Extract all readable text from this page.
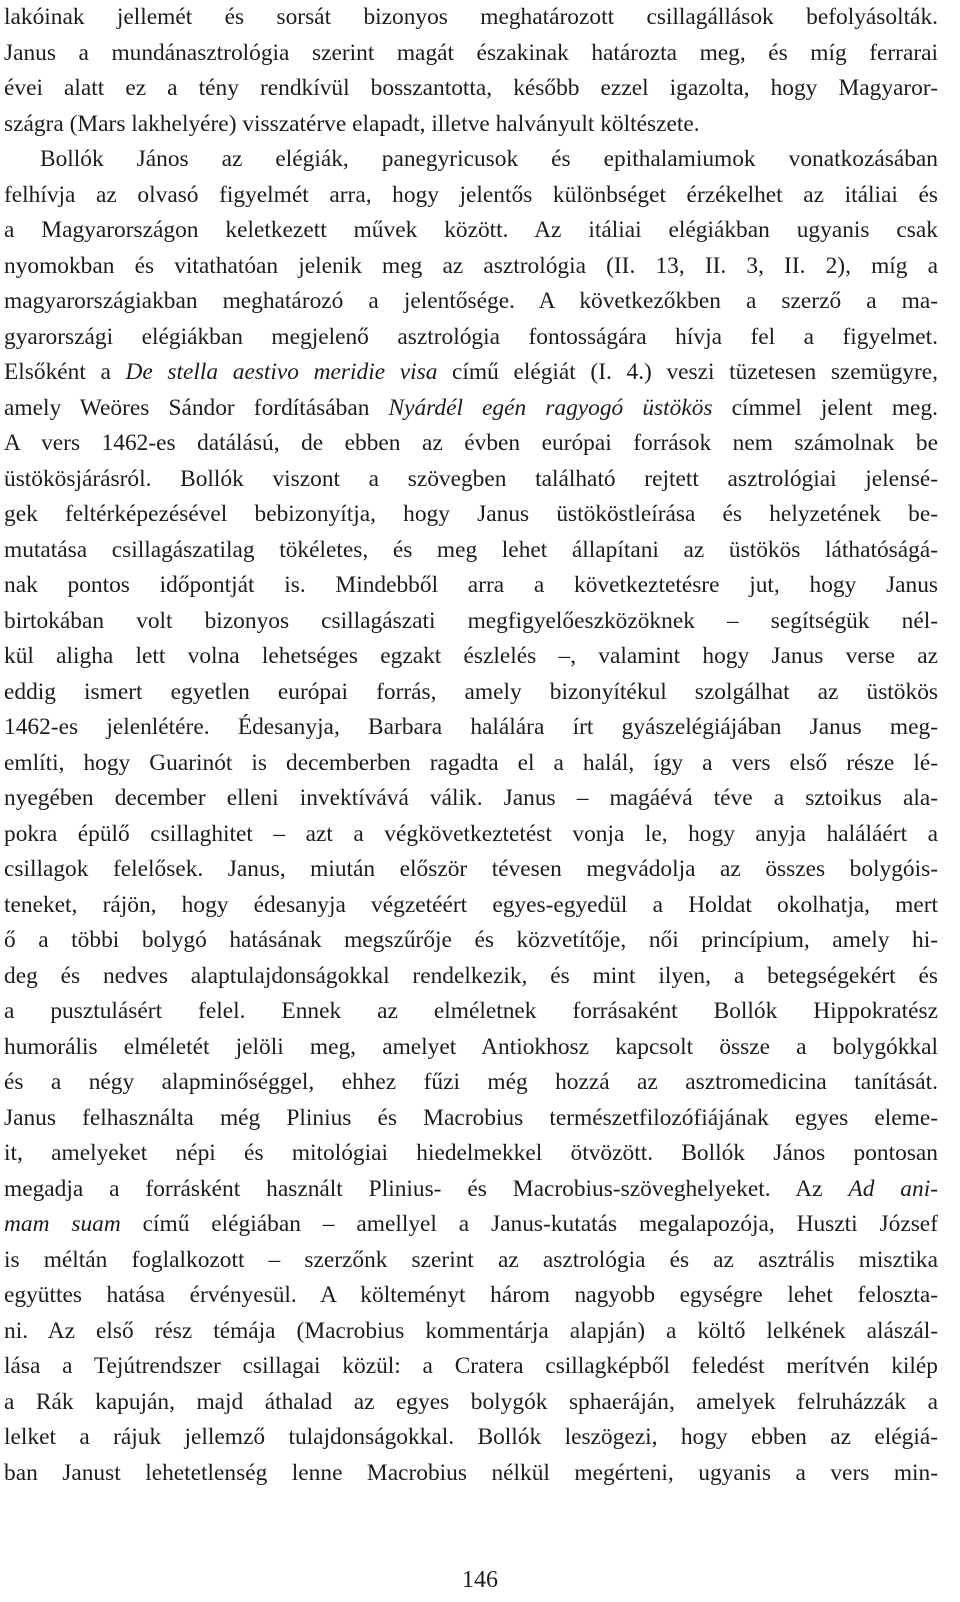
lakóinak jellemét és sorsát bizonyos meghatározott csillagállások befolyásolták.
Janus a mundánasztrológia szerint magát északinak határozta meg, és míg ferrarai
évei alatt ez a tény rendkívül bosszantotta, később ezzel igazolta, hogy Magyaror-
szágra (Mars lakhelyére) visszatérve elapadt, illetve halványult költészete.
Bollók János az elégiák, panegyricusok és epithalamiumok vonatkozásában
felhívja az olvasó figyelmét arra, hogy jelentős különbséget érzékelhet az itáliai és
a Magyarországon keletkezett művek között. Az itáliai elégiákban ugyanis csak
nyomokban és vitathatóan jelenik meg az asztrológia (II. 13, II. 3, II. 2), míg a
magyarországiakban meghatározó a jelentősége. A következőkben a szerző a ma-
gyarországi elégiákban megjelenő asztrológia fontosságára hívja fel a figyelmet.
Elsőként a De stella aestivo meridie visa című elégiát (I. 4.) veszi tüzetesen szemügyre,
amely Weöres Sándor fordításában Nyárdél egén ragyogó üstökös címmel jelent meg.
A vers 1462-es datálású, de ebben az évben európai források nem számolnak be
üstökösjárásról. Bollók viszont a szövegben található rejtett asztrológiai jelensé-
gek feltérképezésével bebizonyítja, hogy Janus üstököstleírása és helyzetének be-
mutatása csillagászatilag tökéletes, és meg lehet állapítani az üstökös láthatóságá-
nak pontos időpontját is. Mindebből arra a következtetésre jut, hogy Janus
birtokában volt bizonyos csillagászati megfigyelőeszközöknek – segítségük nél-
kül aligha lett volna lehetséges egzakt észlelés –, valamint hogy Janus verse az
eddig ismert egyetlen európai forrás, amely bizonyítékul szolgálhat az üstökös
1462-es jelenlétére. Édesanyja, Barbara halálára írt gyászelégiájában Janus meg-
említi, hogy Guarinót is decemberben ragadta el a halál, így a vers első része lé-
nyegében december elleni invektívává válik. Janus – magáévá téve a sztoikus ala-
pokra épülő csillaghitet – azt a végkövetkeztetést vonja le, hogy anyja haláláért a
csillagok felelősek. Janus, miután először tévesen megvádolja az összes bolygóis-
teneket, rájön, hogy édesanyja végzetéért egyes-egyedül a Holdat okolhatja, mert
ő a többi bolygó hatásának megszűrője és közvetítője, női princípium, amely hi-
deg és nedves alaptulajdonságokkal rendelkezik, és mint ilyen, a betegségekért és
a pusztulásért felel. Ennek az elméletnek forrásaként Bollók Hippokratész
humorális elméletét jelöli meg, amelyet Antiokhosz kapcsolt össze a bolygókkal
és a négy alapminőséggel, ehhez fűzi még hozzá az asztromedicina tanítását.
Janus felhasználta még Plinius és Macrobius természetfilozófiájának egyes eleme-
it, amelyeket népi és mitológiai hiedelmekkel ötvözött. Bollók János pontosan
megadja a forrásként használt Plinius- és Macrobius-szöveghelyeket. Az Ad ani-
mam suam című elégiában – amellyel a Janus-kutatás megalapozója, Huszti József
is méltán foglalkozott – szerzőnk szerint az asztrológia és az asztrális misztika
együttes hatása érvényesül. A költeményt három nagyobb egységre lehet feloszta-
ni. Az első rész témája (Macrobius kommentárja alapján) a költő lelkének alászál-
lása a Tejútrendszer csillagai közül: a Cratera csillagképből feledést merítvén kilép
a Rák kapuján, majd áthalad az egyes bolygók sphaeráján, amelyek felruházzák a
lelket a rájuk jellemző tulajdonságokkal. Bollók leszögezi, hogy ebben az elégiá-
ban Janust lehetetlenség lenne Macrobius nélkül megérteni, ugyanis a vers min-
146
